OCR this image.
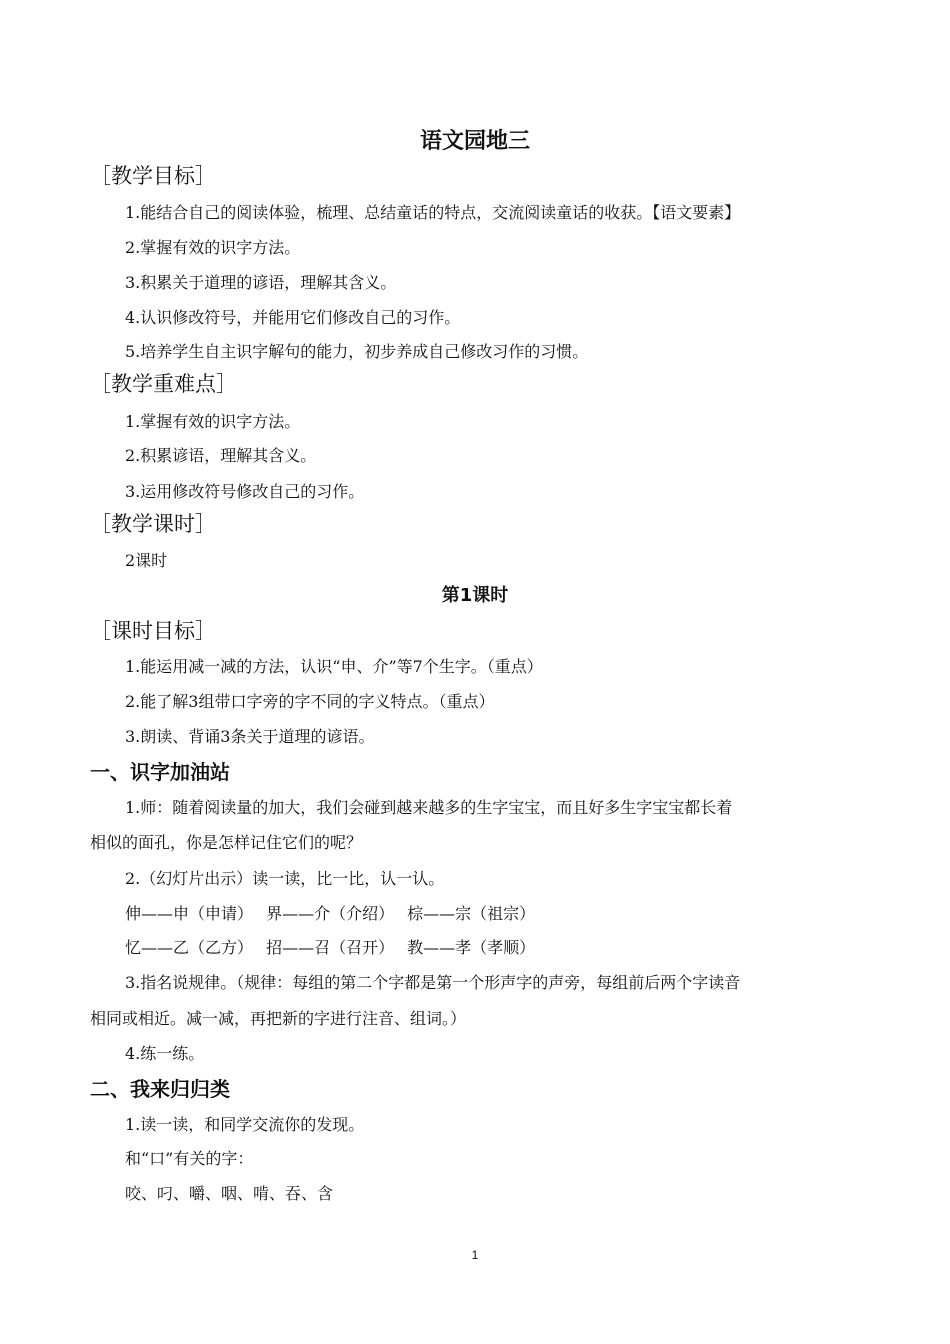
语文园地三
［教学目标］
1.能结合自己的阅读体验，梳理、总结童话的特点，交流阅读童话的收获。【语文要素】
2.掌握有效的识字方法。
3.积累关于道理的谚语，理解其含义。
4.认识修改符号，并能用它们修改自己的习作。
5.培养学生自主识字解句的能力，初步养成自己修改习作的习惯。
［教学重难点］
1.掌握有效的识字方法。
2.积累谚语，理解其含义。
3.运用修改符号修改自己的习作。
［教学课时］
2课时
第1课时
［课时目标］
1.能运用减一减的方法，认识“申、介”等7个生字。（重点）
2.能了解3组带口字旁的字不同的字义特点。（重点）
3.朗读、背诵3条关于道理的谚语。
一、识字加油站
1.师：随着阅读量的加大，我们会碰到越来越多的生字宝宝，而且好多生字宝宝都长着
相似的面孔，你是怎样记住它们的呢？
2.（幻灯片出示）读一读，比一比，认一认。
伸——申（申请）　 界——介（介绍）　 棕——宗（祖宗）
忆——乙（乙方）　 招——召（召开）　 教——孝（孝顺）
3.指名说规律。（规律：每组的第二个字都是第一个形声字的声旁，每组前后两个字读音
相同或相近。减一减，再把新的字进行注音、组词。）
4.练一练。
二、我来归归类
1.读一读，和同学交流你的发现。
和“口”有关的字：
咬、叼、嚼、咽、啃、吞、含
1
